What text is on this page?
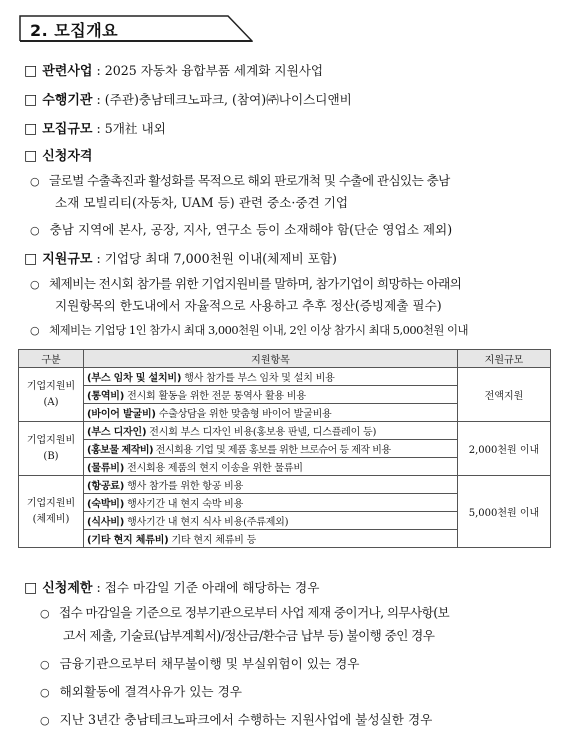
2. 모집개요
□ 관련사업 : 2025 자동차 융합부품 세계화 지원사업
□ 수행기관 : (주관)충남테크노파크, (참여)㈜나이스디앤비
□ 모집규모 : 5개社 내외
□ 신청자격
○ 글로벌 수출촉진과 활성화를 목적으로 해외 판로개척 및 수출에 관심있는 충남
소재 모빌리티(자동차, UAM 등) 관련 중소·중견 기업
○ 충남 지역에 본사, 공장, 지사, 연구소 등이 소재해야 함(단순 영업소 제외)
□ 지원규모 : 기업당 최대 7,000천원 이내(체제비 포함)
○ 체제비는 전시회 참가를 위한 기업지원비를 말하며, 참가기업이 희망하는 아래의
지원항목의 한도내에서 자율적으로 사용하고 추후 정산(증빙제출 필수)
○ 체제비는 기업당 1인 참가시 최대 3,000천원 이내, 2인 이상 참가시 최대 5,000천원 이내
구분	지원항목	지원규모
기업지원비
(A)	(부스 임차 및 설치비) 행사 참가를 부스 임차 및 설치 비용	전액지원
	(통역비) 전시회 활동을 위한 전문 통역사 활용 비용	
	(바이어 발굴비) 수출상담을 위한 맞춤형 바이어 발굴비용	
기업지원비
(B)	(부스 디자인) 전시회 부스 디자인 비용(홍보용 판넬, 디스플레이 등)	2,000천원 이내
	(홍보물 제작비) 전시회용 기업 및 제품 홍보를 위한 브로슈어 등 제작 비용	
	(물류비) 전시회용 제품의 현지 이송을 위한 물류비	
기업지원비
(체제비)	(항공료) 행사 참가를 위한 항공 비용	5,000천원 이내
	(숙박비) 행사기간 내 현지 숙박 비용	
	(식사비) 행사기간 내 현지 식사 비용(주류제외)	
	(기타 현지 체류비) 기타 현지 체류비 등	
□ 신청제한 : 접수 마감일 기준 아래에 해당하는 경우
○ 접수 마감일을 기준으로 정부기관으로부터 사업 제재 중이거나, 의무사항(보
고서 제출, 기술료(납부계획서)/정산금/환수금 납부 등) 불이행 중인 경우
○ 금융기관으로부터 채무불이행 및 부실위험이 있는 경우
○ 해외활동에 결격사유가 있는 경우
○ 지난 3년간 충남테크노파크에서 수행하는 지원사업에 불성실한 경우
